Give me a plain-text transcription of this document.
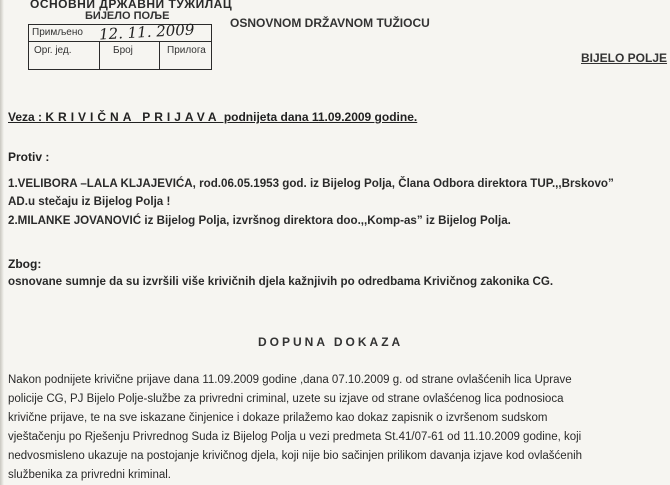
ОСНОВНИ ДРЖАВНИ ТУЖИЛАЦ
БИЈЕЛО ПОЉЕ
Примљено 12. 11. 2009
Орг. јед.	Број	Прилога
OSNOVNOM DRŽAVNOM TUŽIOCU
BIJELO POLJE
Veza : KRIVIČNA PRIJAVA podnijeta dana 11.09.2009 godine.
Protiv :
1.VELIBORA –LALA KLJAJEVIĆA, rod.06.05.1953 god. iz Bijelog Polja, Člana Odbora direktora TUP.,,Brskovo”
AD.u stečaju iz Bijelog Polja !
2.MILANKE JOVANOVIĆ iz Bijelog Polja, izvršnog direktora doo.,,Komp-as” iz Bijelog Polja.
Zbog:
osnovane sumnje da su izvršili više krivičnih djela kažnjivih po odredbama Krivičnog zakonika CG.
DOPUNA DOKAZA
Nakon podnijete krivične prijave dana 11.09.2009 godine ,dana 07.10.2009 g. od strane ovlašćenih lica Uprave
policije CG, PJ Bijelo Polje-službe za privredni criminal, uzete su izjave od strane ovlašćenog lica podnosioca
krivične prijave, te na sve iskazane činjenice i dokaze prilažemo kao dokaz zapisnik o izvršenom sudskom
vještačenju po Rješenju Privrednog Suda iz Bijelog Polja u vezi predmeta St.41/07-61 od 11.10.2009 godine, koji
nedvosmisleno ukazuje na postojanje krivičnog djela, koji nije bio sačinjen prilikom davanja izjave kod ovlašćenih
službenika za privredni kriminal.
